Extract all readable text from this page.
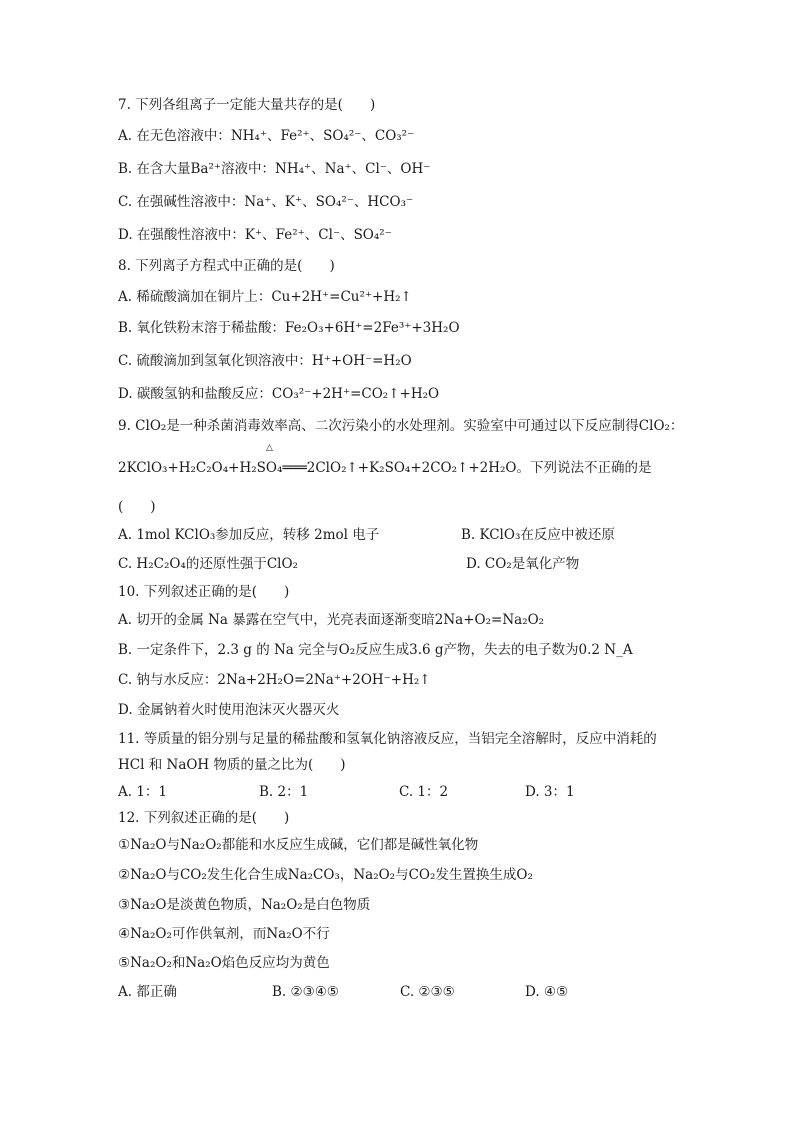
7. 下列各组离子一定能大量共存的是(　　)
A. 在无色溶液中：NH₄⁺、Fe²⁺、SO₄²⁻、CO₃²⁻
B. 在含大量Ba²⁺溶液中：NH₄⁺、Na⁺、Cl⁻、OH⁻
C. 在强碱性溶液中：Na⁺、K⁺、SO₄²⁻、HCO₃⁻
D. 在强酸性溶液中：K⁺、Fe²⁺、Cl⁻、SO₄²⁻
8. 下列离子方程式中正确的是(　　)
A. 稀硫酸滴加在铜片上：Cu+2H⁺=Cu²⁺+H₂↑
B. 氧化铁粉末溶于稀盐酸：Fe₂O₃+6H⁺=2Fe³⁺+3H₂O
C. 硫酸滴加到氢氧化钡溶液中：H⁺+OH⁻=H₂O
D. 碳酸氢钠和盐酸反应：CO₃²⁻+2H⁺=CO₂↑+H₂O
9. ClO₂是一种杀菌消毒效率高、二次污染小的水处理剂。实验室中可通过以下反应制得ClO₂：
△
2KClO₃+H₂C₂O₄+H₂SO₄═══2ClO₂↑+K₂SO₄+2CO₂↑+2H₂O。下列说法不正确的是
(　　)
A. 1mol KClO₃参加反应，转移 2mol 电子	B. KClO₃在反应中被还原
C. H₂C₂O₄的还原性强于ClO₂	D. CO₂是氧化产物
10. 下列叙述正确的是(　　)
A. 切开的金属 Na 暴露在空气中，光亮表面逐渐变暗2Na+O₂=Na₂O₂
B. 一定条件下，2.3 g 的 Na 完全与O₂反应生成3.6 g产物，失去的电子数为0.2 N_A
C. 钠与水反应：2Na+2H₂O=2Na⁺+2OH⁻+H₂↑
D. 金属钠着火时使用泡沫灭火器灭火
11. 等质量的铝分别与足量的稀盐酸和氢氧化钠溶液反应，当铝完全溶解时，反应中消耗的
HCl 和 NaOH 物质的量之比为(　　)
A. 1：1	B. 2：1	C. 1：2	D. 3：1
12. 下列叙述正确的是(　　)
①Na₂O与Na₂O₂都能和水反应生成碱，它们都是碱性氧化物
②Na₂O与CO₂发生化合生成Na₂CO₃，Na₂O₂与CO₂发生置换生成O₂
③Na₂O是淡黄色物质，Na₂O₂是白色物质
④Na₂O₂可作供氧剂，而Na₂O不行
⑤Na₂O₂和Na₂O焰色反应均为黄色
A. 都正确	B. ②③④⑤	C. ②③⑤	D. ④⑤
